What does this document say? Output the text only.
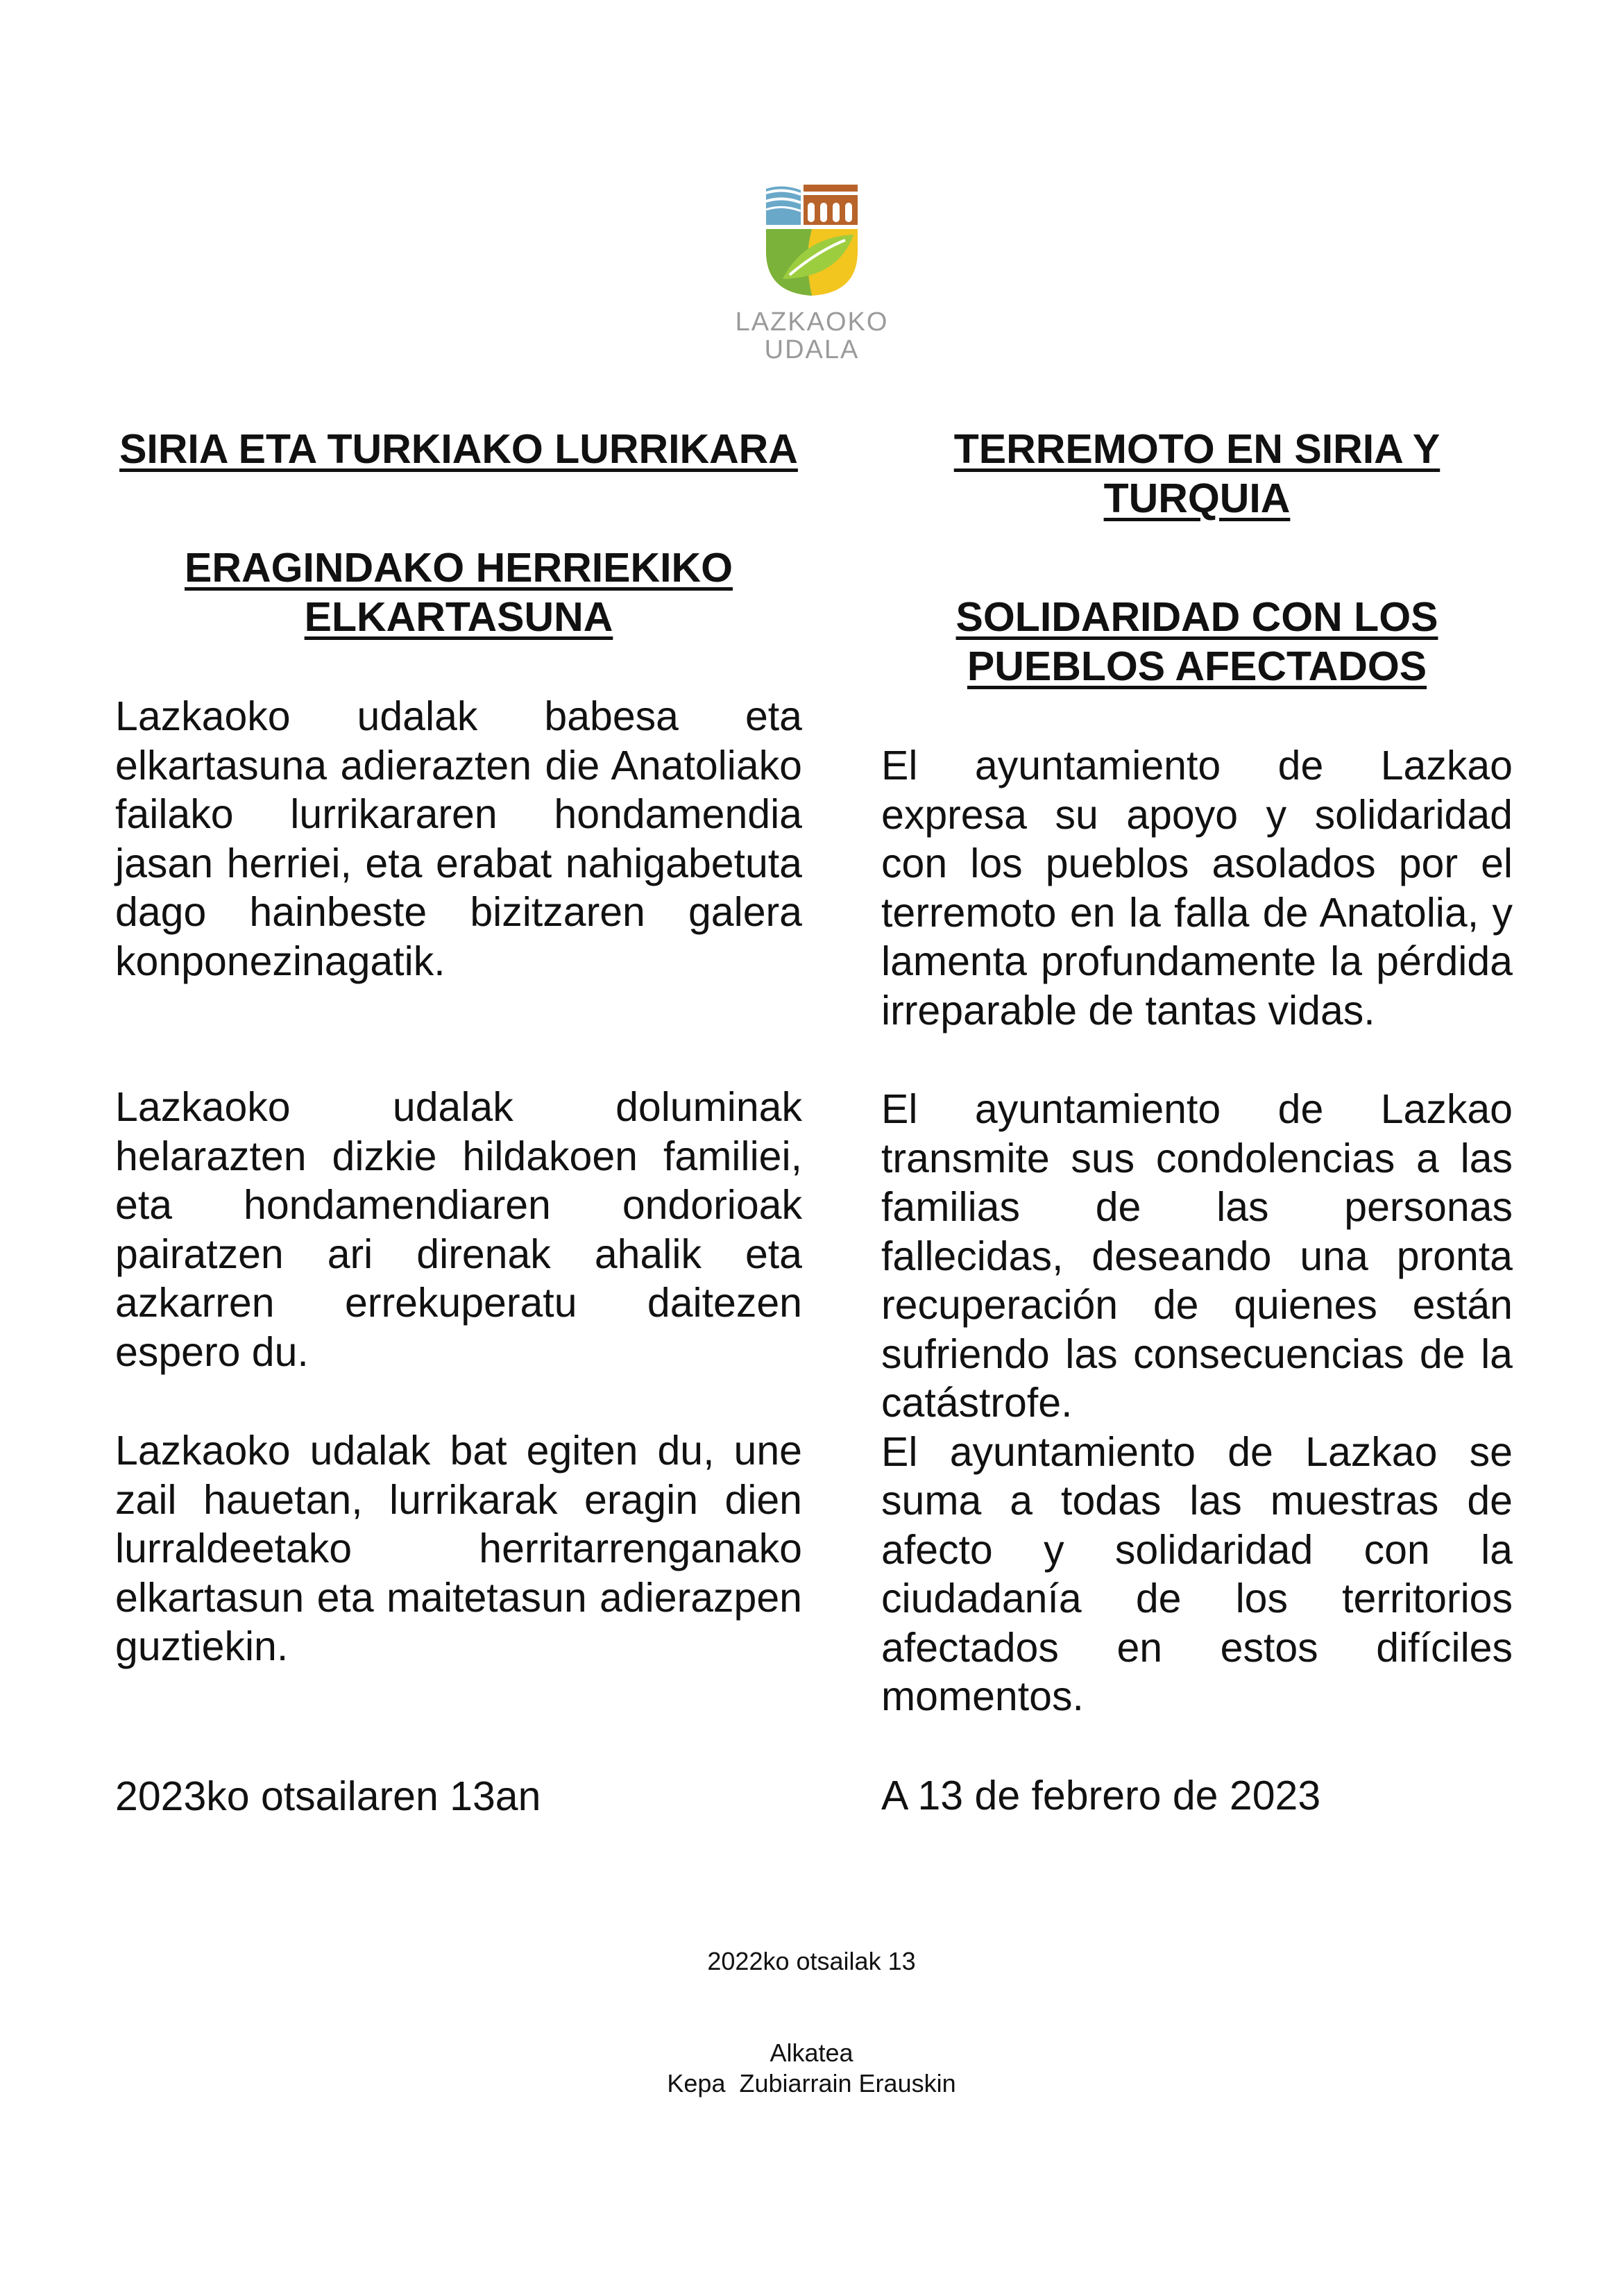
LAZKAOKO
UDALA
SIRIA ETA TURKIAKO LURRIKARA
ERAGINDAKO HERRIEKIKO ELKARTASUNA

Lazkaoko udalak babesa eta elkartasuna adierazten die Anatoliako failako lurrikararen hondamendia jasan herriei, eta erabat nahigabetuta dago hainbeste bizitzaren galera konponezinagatik.

Lazkaoko udalak doluminak helarazten dizkie hildakoen familiei, eta hondamendiaren ondorioak pairatzen ari direnak ahalik eta azkarren errekuperatu daitezen espero du.

Lazkaoko udalak bat egiten du, une zail hauetan, lurrikarak eragin dien lurraldeetako herritarrenganako elkartasun eta maitetasun adierazpen guztiekin.

2023ko otsailaren 13an

TERREMOTO EN SIRIA Y TURQUIA
SOLIDARIDAD CON LOS PUEBLOS AFECTADOS

El ayuntamiento de Lazkao expresa su apoyo y solidaridad con los pueblos asolados por el terremoto en la falla de Anatolia, y lamenta profundamente la pérdida irreparable de tantas vidas.

El ayuntamiento de Lazkao transmite sus condolencias a las familias de las personas fallecidas, deseando una pronta recuperación de quienes están sufriendo las consecuencias de la catástrofe.

El ayuntamiento de Lazkao se suma a todas las muestras de afecto y solidaridad con la ciudadanía de los territorios afectados en estos difíciles momentos.

A 13 de febrero de 2023

2022ko otsailak 13
Alkatea
Kepa  Zubiarrain Erauskin
